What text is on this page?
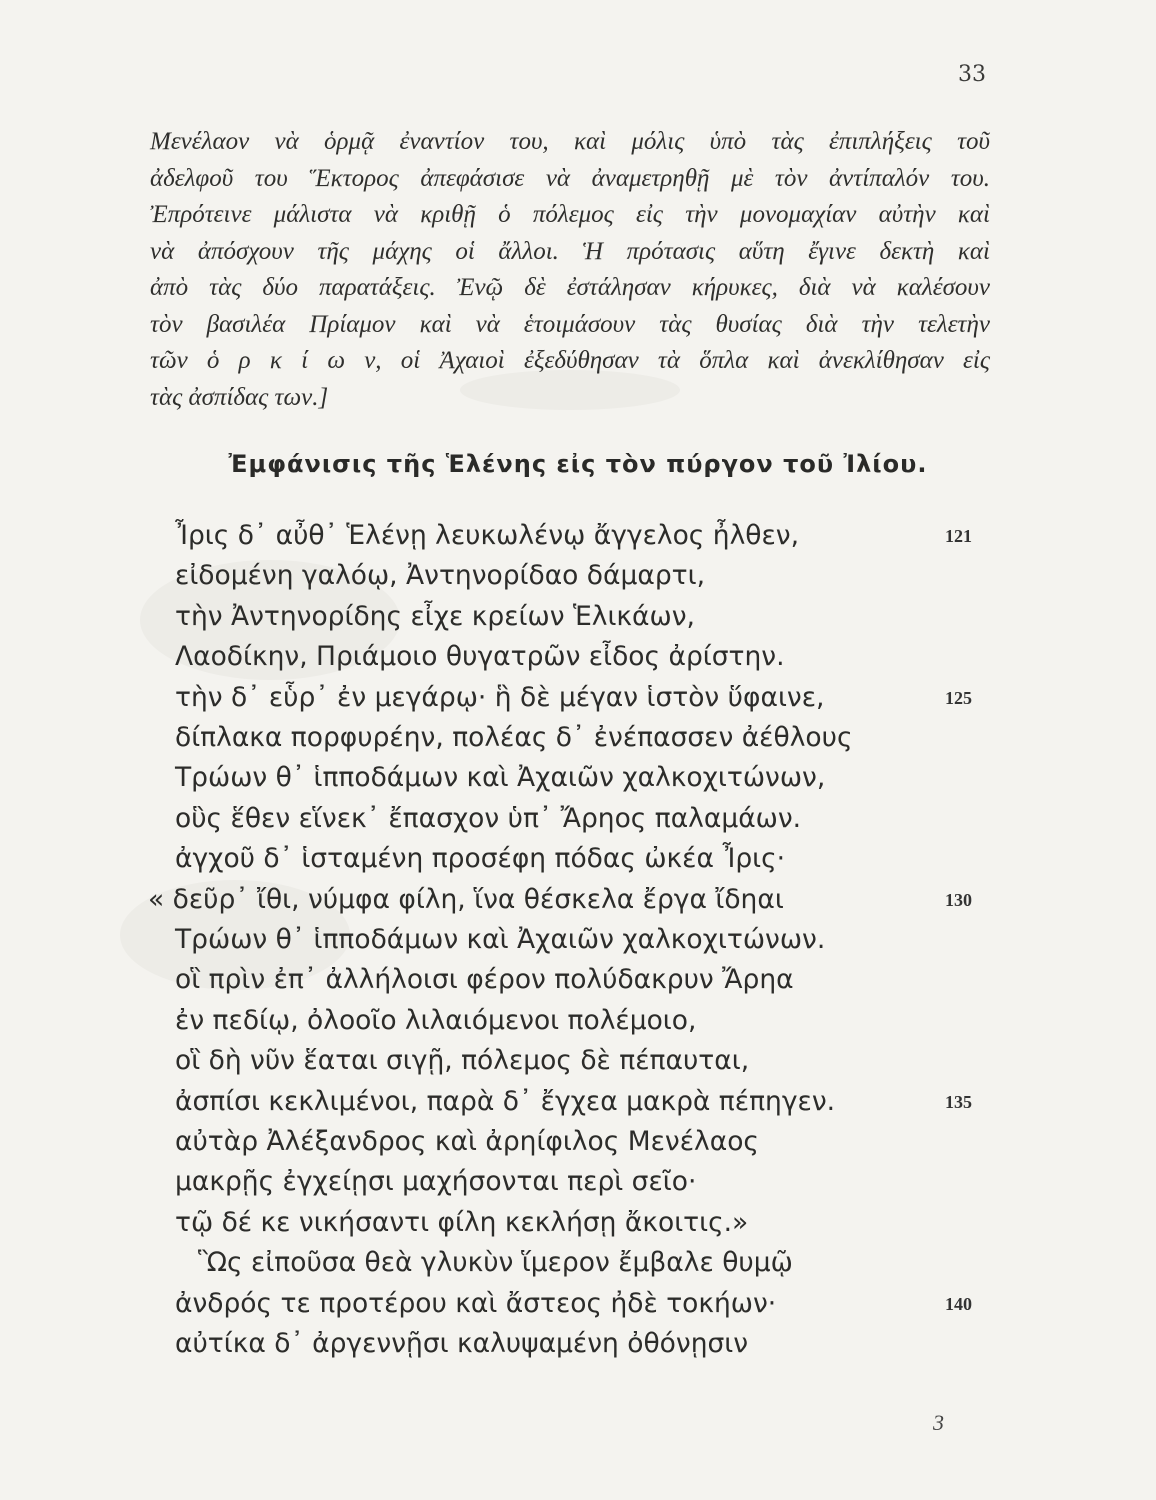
33
Μενέλαον νὰ ὁρμᾷ ἐναντίον του, καὶ μόλις ὑπὸ τὰς ἐπιπλήξεις τοῦ
ἀδελφοῦ του Ἕκτορος ἀπεφάσισε νὰ ἀναμετρηθῇ μὲ τὸν ἀντίπαλόν του.
Ἐπρότεινε μάλιστα νὰ κριθῇ ὁ πόλεμος εἰς τὴν μονομαχίαν αὐτὴν καὶ
νὰ ἀπόσχουν τῆς μάχης οἱ ἄλλοι. Ἡ πρότασις αὕτη ἔγινε δεκτὴ καὶ
ἀπὸ τὰς δύο παρατάξεις. Ἐνῷ δὲ ἐστάλησαν κήρυκες, διὰ νὰ καλέσουν
τὸν βασιλέα Πρίαμον καὶ νὰ ἑτοιμάσουν τὰς θυσίας διὰ τὴν τελετὴν
τῶν ὁ ρ κ ί ω ν, οἱ Ἀχαιοὶ ἐξεδύθησαν τὰ ὅπλα καὶ ἀνεκλίθησαν εἰς
τὰς ἀσπίδας των.]
Ἐμφάνισις τῆς Ἑλένης εἰς τὸν πύργον τοῦ Ἰλίου.
Ἶρις δ᾽ αὖθ᾽ Ἑλένῃ λευκωλένῳ ἄγγελος ἦλθεν,	121
εἰδομένη γαλόῳ, Ἀντηνορίδαο δάμαρτι,
τὴν Ἀντηνορίδης εἶχε κρείων Ἑλικάων,
Λαοδίκην, Πριάμοιο θυγατρῶν εἶδος ἀρίστην.
τὴν δ᾽ εὗρ᾽ ἐν μεγάρῳ· ἣ δὲ μέγαν ἱστὸν ὕφαινε,	125
δίπλακα πορφυρέην, πολέας δ᾽ ἐνέπασσεν ἀέθλους
Τρώων θ᾽ ἱπποδάμων καὶ Ἀχαιῶν χαλκοχιτώνων,
οὓς ἕθεν εἵνεκ᾽ ἔπασχον ὑπ᾽ Ἄρηος παλαμάων.
ἀγχοῦ δ᾽ ἱσταμένη προσέφη πόδας ὠκέα Ἶρις·
« δεῦρ᾽ ἴθι, νύμφα φίλη, ἵνα θέσκελα ἔργα ἴδηαι	130
Τρώων θ᾽ ἱπποδάμων καὶ Ἀχαιῶν χαλκοχιτώνων.
οἳ πρὶν ἐπ᾽ ἀλλήλοισι φέρον πολύδακρυν Ἄρηα
ἐν πεδίῳ, ὀλοοῖο λιλαιόμενοι πολέμοιο,
οἳ δὴ νῦν ἕαται σιγῇ, πόλεμος δὲ πέπαυται,
ἀσπίσι κεκλιμένοι, παρὰ δ᾽ ἔγχεα μακρὰ πέπηγεν.	135
αὐτὰρ Ἀλέξανδρος καὶ ἀρηίφιλος Μενέλαος
μακρῇς ἐγχείῃσι μαχήσονται περὶ σεῖο·
τῷ δέ κε νικήσαντι φίλη κεκλήσῃ ἄκοιτις.»
Ὣς εἰποῦσα θεὰ γλυκὺν ἵμερον ἔμβαλε θυμῷ
ἀνδρός τε προτέρου καὶ ἄστεος ἠδὲ τοκήων·	140
αὐτίκα δ᾽ ἀργεννῇσι καλυψαμένη ὀθόνῃσιν
3
